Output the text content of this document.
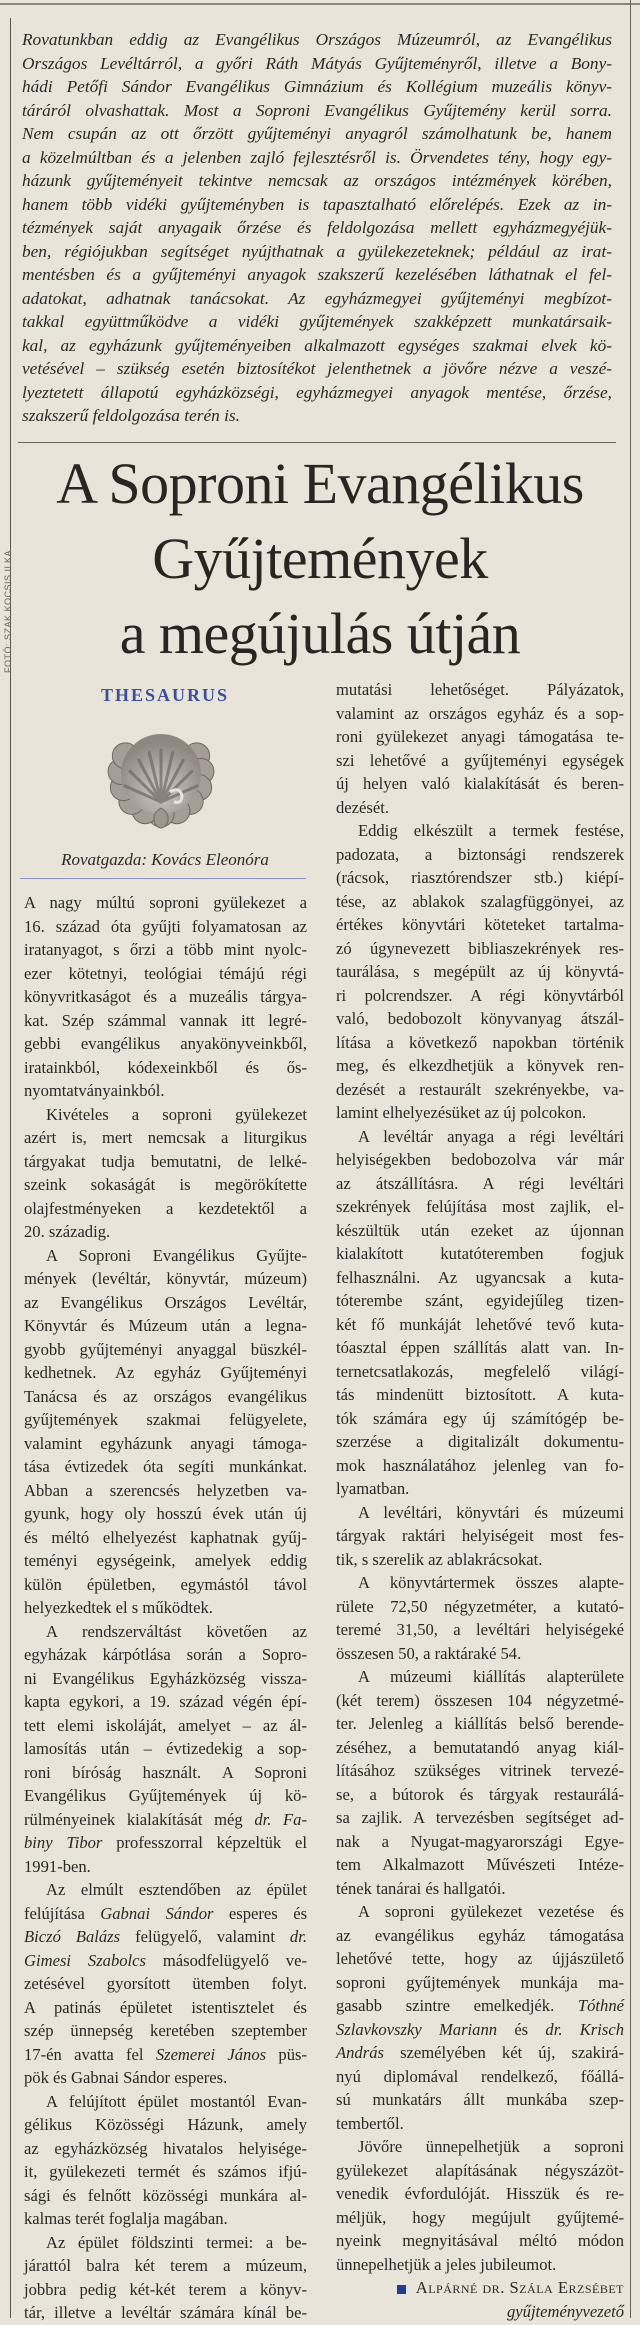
FOTÓ: SZAK KOCSIS ILKA
Rovatunkban eddig az Evangélikus Országos Múzeumról, az Evangélikus
Országos Levéltárról, a győri Ráth Mátyás Gyűjteményről, illetve a Bony-
hádi Petőfi Sándor Evangélikus Gimnázium és Kollégium muzeális könyv-
táráról olvashattak. Most a Soproni Evangélikus Gyűjtemény kerül sorra.
Nem csupán az ott őrzött gyűjteményi anyagról számolhatunk be, hanem
a közelmúltban és a jelenben zajló fejlesztésről is. Örvendetes tény, hogy egy-
házunk gyűjteményeit tekintve nemcsak az országos intézmények körében,
hanem több vidéki gyűjteményben is tapasztalható előrelépés. Ezek az in-
tézmények saját anyagaik őrzése és feldolgozása mellett egyházmegyéjük-
ben, régiójukban segítséget nyújthatnak a gyülekezeteknek; például az irat-
mentésben és a gyűjteményi anyagok szakszerű kezelésében láthatnak el fel-
adatokat, adhatnak tanácsokat. Az egyházmegyei gyűjteményi megbízot-
takkal együttműködve a vidéki gyűjtemények szakképzett munkatársaik-
kal, az egyházunk gyűjteményeiben alkalmazott egységes szakmai elvek kö-
vetésével – szükség esetén biztosítékot jelenthetnek a jövőre nézve a veszé-
lyeztetett állapotú egyházközségi, egyházmegyei anyagok mentése, őrzése,
szakszerű feldolgozása terén is.
A Soproni Evangélikus
Gyűjtemények
a megújulás útján
THESAURUS
Rovatgazda: Kovács Eleonóra
A nagy múltú soproni gyülekezet a
16. század óta gyűjti folyamatosan az
iratanyagot, s őrzi a több mint nyolc-
ezer kötetnyi, teológiai témájú régi
könyvritkaságot és a muzeális tárgya-
kat. Szép számmal vannak itt legré-
gebbi evangélikus anyakönyveinkből,
iratainkból, kódexeinkből és ős-
nyomtatványainkból.
Kivételes a soproni gyülekezet
azért is, mert nemcsak a liturgikus
tárgyakat tudja bemutatni, de lelké-
szeink sokaságát is megörökítette
olajfestményeken a kezdetektől a
20. századig.
A Soproni Evangélikus Gyűjte-
mények (levéltár, könyvtár, múzeum)
az Evangélikus Országos Levéltár,
Könyvtár és Múzeum után a legna-
gyobb gyűjteményi anyaggal büszkél-
kedhetnek. Az egyház Gyűjteményi
Tanácsa és az országos evangélikus
gyűjtemények szakmai felügyelete,
valamint egyházunk anyagi támoga-
tása évtizedek óta segíti munkánkat.
Abban a szerencsés helyzetben va-
gyunk, hogy oly hosszú évek után új
és méltó elhelyezést kaphatnak gyűj-
teményi egységeink, amelyek eddig
külön épületben, egymástól távol
helyezkedtek el s működtek.
A rendszerváltást követően az
egyházak kárpótlása során a Sopro-
ni Evangélikus Egyházközség vissza-
kapta egykori, a 19. század végén épí-
tett elemi iskoláját, amelyet – az ál-
lamosítás után – évtizedekig a sop-
roni bíróság használt. A Soproni
Evangélikus Gyűjtemények új kö-
rülményeinek kialakítását még dr. Fa-
biny Tibor professzorral képzeltük el
1991-ben.
Az elmúlt esztendőben az épület
felújítása Gabnai Sándor esperes és
Biczó Balázs felügyelő, valamint dr.
Gimesi Szabolcs másodfelügyelő ve-
zetésével gyorsított ütemben folyt.
A patinás épületet istentisztelet és
szép ünnepség keretében szeptember
17-én avatta fel Szemerei János püs-
pök és Gabnai Sándor esperes.
A felújított épület mostantól Evan-
gélikus Közösségi Házunk, amely
az egyházközség hivatalos helyisége-
it, gyülekezeti termét és számos ifjú-
sági és felnőtt közösségi munkára al-
kalmas terét foglalja magában.
Az épület földszinti termei: a be-
járattól balra két terem a múzeum,
jobbra pedig két-két terem a könyv-
tár, illetve a levéltár számára kínál be-
mutatási lehetőséget. Pályázatok,
valamint az országos egyház és a sop-
roni gyülekezet anyagi támogatása te-
szi lehetővé a gyűjteményi egységek
új helyen való kialakítását és beren-
dezését.
Eddig elkészült a termek festése,
padozata, a biztonsági rendszerek
(rácsok, riasztórendszer stb.) kiépí-
tése, az ablakok szalagfüggönyei, az
értékes könyvtári köteteket tartalma-
zó úgynevezett bibliaszekrények res-
taurálása, s megépült az új könyvtá-
ri polcrendszer. A régi könyvtárból
való, bedobozolt könyvanyag átszál-
lítása a következő napokban történik
meg, és elkezdhetjük a könyvek ren-
dezését a restaurált szekrényekbe, va-
lamint elhelyezésüket az új polcokon.
A levéltár anyaga a régi levéltári
helyiségekben bedobozolva vár már
az átszállításra. A régi levéltári
szekrények felújítása most zajlik, el-
készültük után ezeket az újonnan
kialakított kutatóteremben fogjuk
felhasználni. Az ugyancsak a kuta-
tóterembe szánt, egyidejűleg tizen-
két fő munkáját lehetővé tevő kuta-
tóasztal éppen szállítás alatt van. In-
ternetcsatlakozás, megfelelő világí-
tás mindenütt biztosított. A kuta-
tók számára egy új számítógép be-
szerzése a digitalizált dokumentu-
mok használatához jelenleg van fo-
lyamatban.
A levéltári, könyvtári és múzeumi
tárgyak raktári helyiségeit most fes-
tik, s szerelik az ablakrácsokat.
A könyvtártermek összes alapte-
rülete 72,50 négyzetméter, a kutató-
teremé 31,50, a levéltári helyiségeké
összesen 50, a raktáraké 54.
A múzeumi kiállítás alapterülete
(két terem) összesen 104 négyzetmé-
ter. Jelenleg a kiállítás belső berende-
zéséhez, a bemutatandó anyag kiál-
lításához szükséges vitrinek tervezé-
se, a bútorok és tárgyak restaurálá-
sa zajlik. A tervezésben segítséget ad-
nak a Nyugat-magyarországi Egye-
tem Alkalmazott Művészeti Intéze-
tének tanárai és hallgatói.
A soproni gyülekezet vezetése és
az evangélikus egyház támogatása
lehetővé tette, hogy az újjászülető
soproni gyűjtemények munkája ma-
gasabb szintre emelkedjék. Tóthné
Szlavkovszky Mariann és dr. Krisch
András személyében két új, szakirá-
nyú diplomával rendelkező, főállá-
sú munkatárs állt munkába szep-
tembertől.
Jövőre ünnepelhetjük a soproni
gyülekezet alapításának négyszázöt-
venedik évfordulóját. Hisszük és re-
méljük, hogy megújult gyűjtemé-
nyeink megnyitásával méltó módon
ünnepelhetjük a jeles jubileumot.
Alpárné dr. Szála Erzsébet
gyűjteményvezető
